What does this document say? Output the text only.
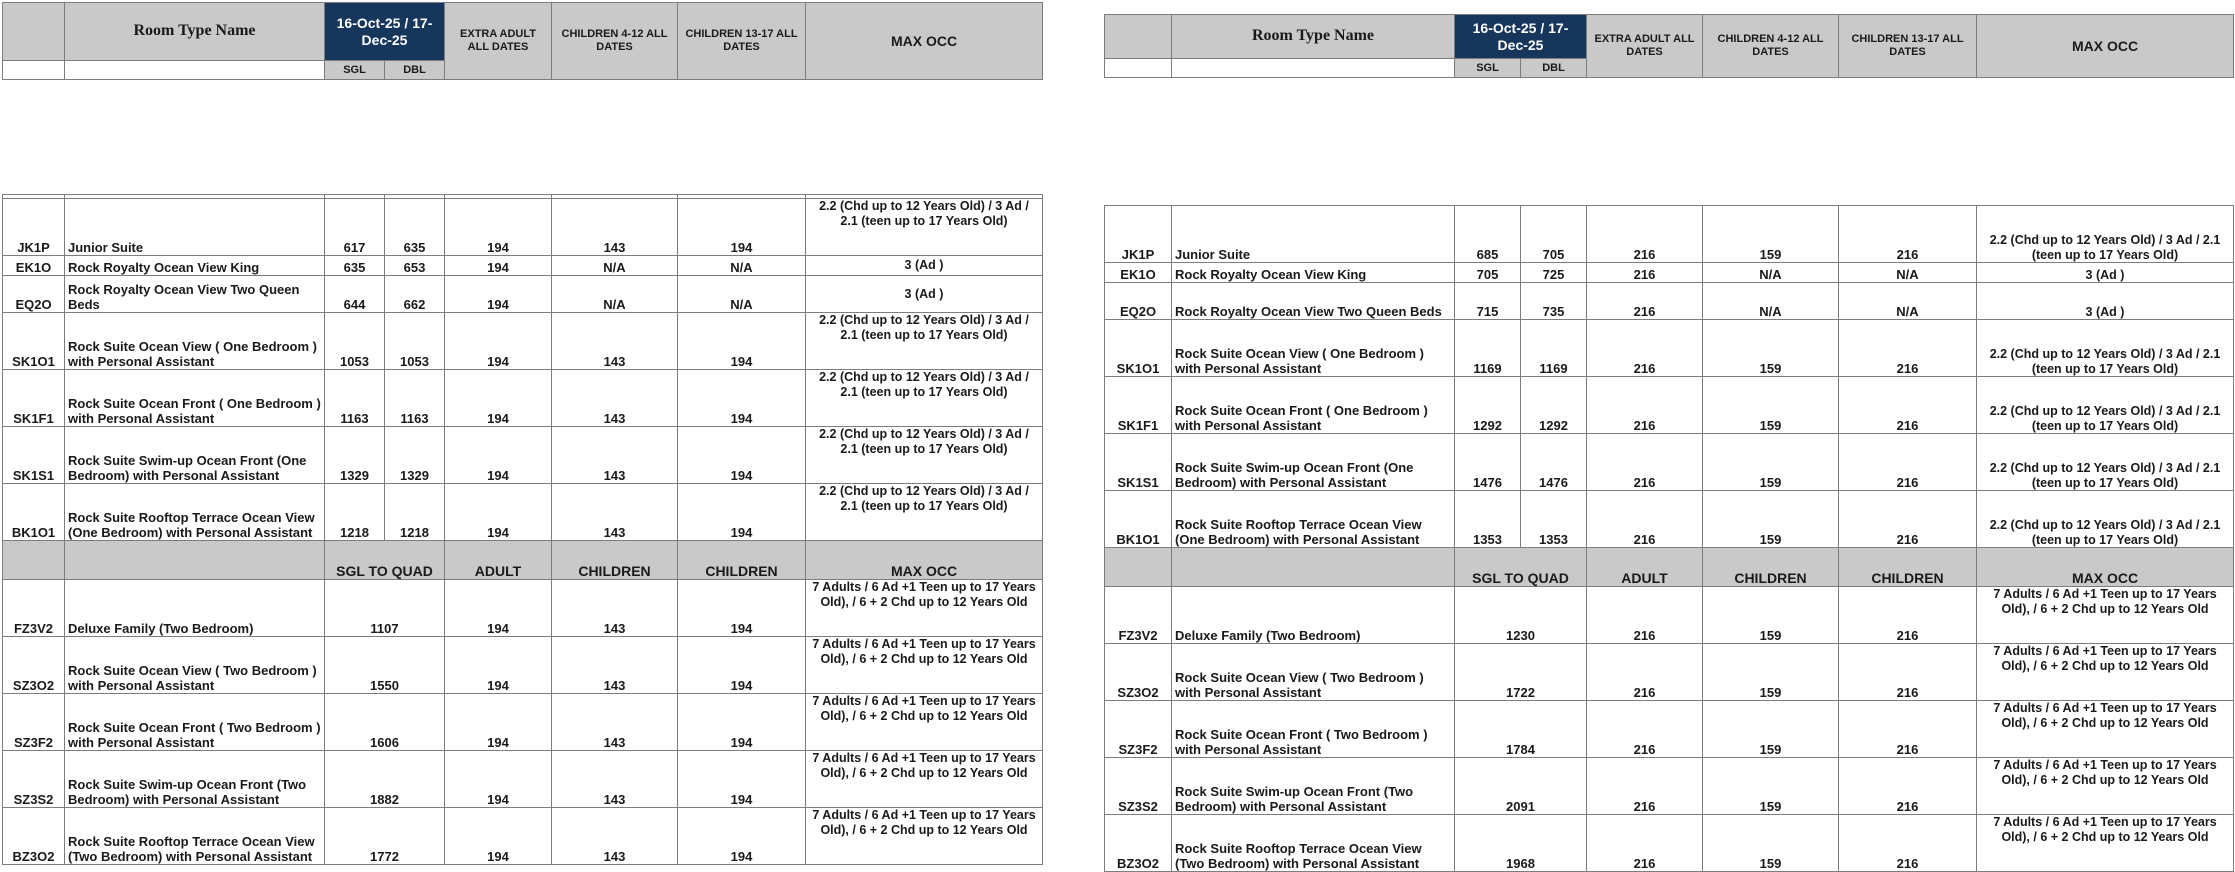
	Room Type Name	16-Oct-25 / 17-Dec-25		EXTRA ADULT ALL DATES	CHILDREN 4-12 ALL DATES	CHILDREN 13-17 ALL DATES	MAX OCC
		SGL	DBL				
	Room Type Name	16-Oct-25 / 17-Dec-25		EXTRA ADULT ALL DATES	CHILDREN 4-12 ALL DATES	CHILDREN 13-17 ALL DATES	MAX OCC
		SGL	DBL				

JK1P	Junior Suite	617	635	194	143	194	2.2 (Chd up to 12 Years Old) / 3 Ad / 2.1 (teen up to 17 Years Old)
EK1O	Rock Royalty Ocean View King	635	653	194	N/A	N/A	3 (Ad )
EQ2O	Rock Royalty Ocean View Two Queen Beds	644	662	194	N/A	N/A	3 (Ad )
SK1O1	Rock Suite Ocean View ( One Bedroom ) with Personal Assistant	1053	1053	194	143	194	2.2 (Chd up to 12 Years Old) / 3 Ad / 2.1 (teen up to 17 Years Old)
SK1F1	Rock Suite Ocean Front ( One Bedroom ) with Personal Assistant	1163	1163	194	143	194	2.2 (Chd up to 12 Years Old) / 3 Ad / 2.1 (teen up to 17 Years Old)
SK1S1	Rock Suite Swim-up Ocean Front (One Bedroom) with Personal Assistant	1329	1329	194	143	194	2.2 (Chd up to 12 Years Old) / 3 Ad / 2.1 (teen up to 17 Years Old)
BK1O1	Rock Suite Rooftop Terrace Ocean View (One Bedroom) with Personal Assistant	1218	1218	194	143	194	2.2 (Chd up to 12 Years Old) / 3 Ad / 2.1 (teen up to 17 Years Old)
		SGL TO QUAD		ADULT	CHILDREN	CHILDREN	MAX OCC
FZ3V2	Deluxe Family (Two Bedroom)	1107		194	143	194	7 Adults / 6 Ad +1 Teen up to 17 Years Old), / 6 + 2 Chd up to 12 Years Old
SZ3O2	Rock Suite Ocean View ( Two Bedroom ) with Personal Assistant	1550		194	143	194	7 Adults / 6 Ad +1 Teen up to 17 Years Old), / 6 + 2 Chd up to 12 Years Old
SZ3F2	Rock Suite Ocean Front ( Two Bedroom ) with Personal Assistant	1606		194	143	194	7 Adults / 6 Ad +1 Teen up to 17 Years Old), / 6 + 2 Chd up to 12 Years Old
SZ3S2	Rock Suite Swim-up Ocean Front (Two Bedroom) with Personal Assistant	1882		194	143	194	7 Adults / 6 Ad +1 Teen up to 17 Years Old), / 6 + 2 Chd up to 12 Years Old
BZ3O2	Rock Suite Rooftop Terrace Ocean View (Two Bedroom) with Personal Assistant	1772		194	143	194	7 Adults / 6 Ad +1 Teen up to 17 Years Old), / 6 + 2 Chd up to 12 Years Old
JK1P	Junior Suite	685	705	216	159	216	2.2 (Chd up to 12 Years Old) / 3 Ad / 2.1 (teen up to 17 Years Old)
EK1O	Rock Royalty Ocean View King	705	725	216	N/A	N/A	3 (Ad )
EQ2O	Rock Royalty Ocean View Two Queen Beds	715	735	216	N/A	N/A	3 (Ad )
SK1O1	Rock Suite Ocean View ( One Bedroom ) with Personal Assistant	1169	1169	216	159	216	2.2 (Chd up to 12 Years Old) / 3 Ad / 2.1 (teen up to 17 Years Old)
SK1F1	Rock Suite Ocean Front ( One Bedroom ) with Personal Assistant	1292	1292	216	159	216	2.2 (Chd up to 12 Years Old) / 3 Ad / 2.1 (teen up to 17 Years Old)
SK1S1	Rock Suite Swim-up Ocean Front (One Bedroom) with Personal Assistant	1476	1476	216	159	216	2.2 (Chd up to 12 Years Old) / 3 Ad / 2.1 (teen up to 17 Years Old)
BK1O1	Rock Suite Rooftop Terrace Ocean View (One Bedroom) with Personal Assistant	1353	1353	216	159	216	2.2 (Chd up to 12 Years Old) / 3 Ad / 2.1 (teen up to 17 Years Old)
		SGL TO QUAD		ADULT	CHILDREN	CHILDREN	MAX OCC
FZ3V2	Deluxe Family (Two Bedroom)	1230		216	159	216	7 Adults / 6 Ad +1 Teen up to 17 Years Old), / 6 + 2 Chd up to 12 Years Old
SZ3O2	Rock Suite Ocean View ( Two Bedroom ) with Personal Assistant	1722		216	159	216	7 Adults / 6 Ad +1 Teen up to 17 Years Old), / 6 + 2 Chd up to 12 Years Old
SZ3F2	Rock Suite Ocean Front ( Two Bedroom ) with Personal Assistant	1784		216	159	216	7 Adults / 6 Ad +1 Teen up to 17 Years Old), / 6 + 2 Chd up to 12 Years Old
SZ3S2	Rock Suite Swim-up Ocean Front (Two Bedroom) with Personal Assistant	2091		216	159	216	7 Adults / 6 Ad +1 Teen up to 17 Years Old), / 6 + 2 Chd up to 12 Years Old
BZ3O2	Rock Suite Rooftop Terrace Ocean View (Two Bedroom) with Personal Assistant	1968		216	159	216	7 Adults / 6 Ad +1 Teen up to 17 Years Old), / 6 + 2 Chd up to 12 Years Old
